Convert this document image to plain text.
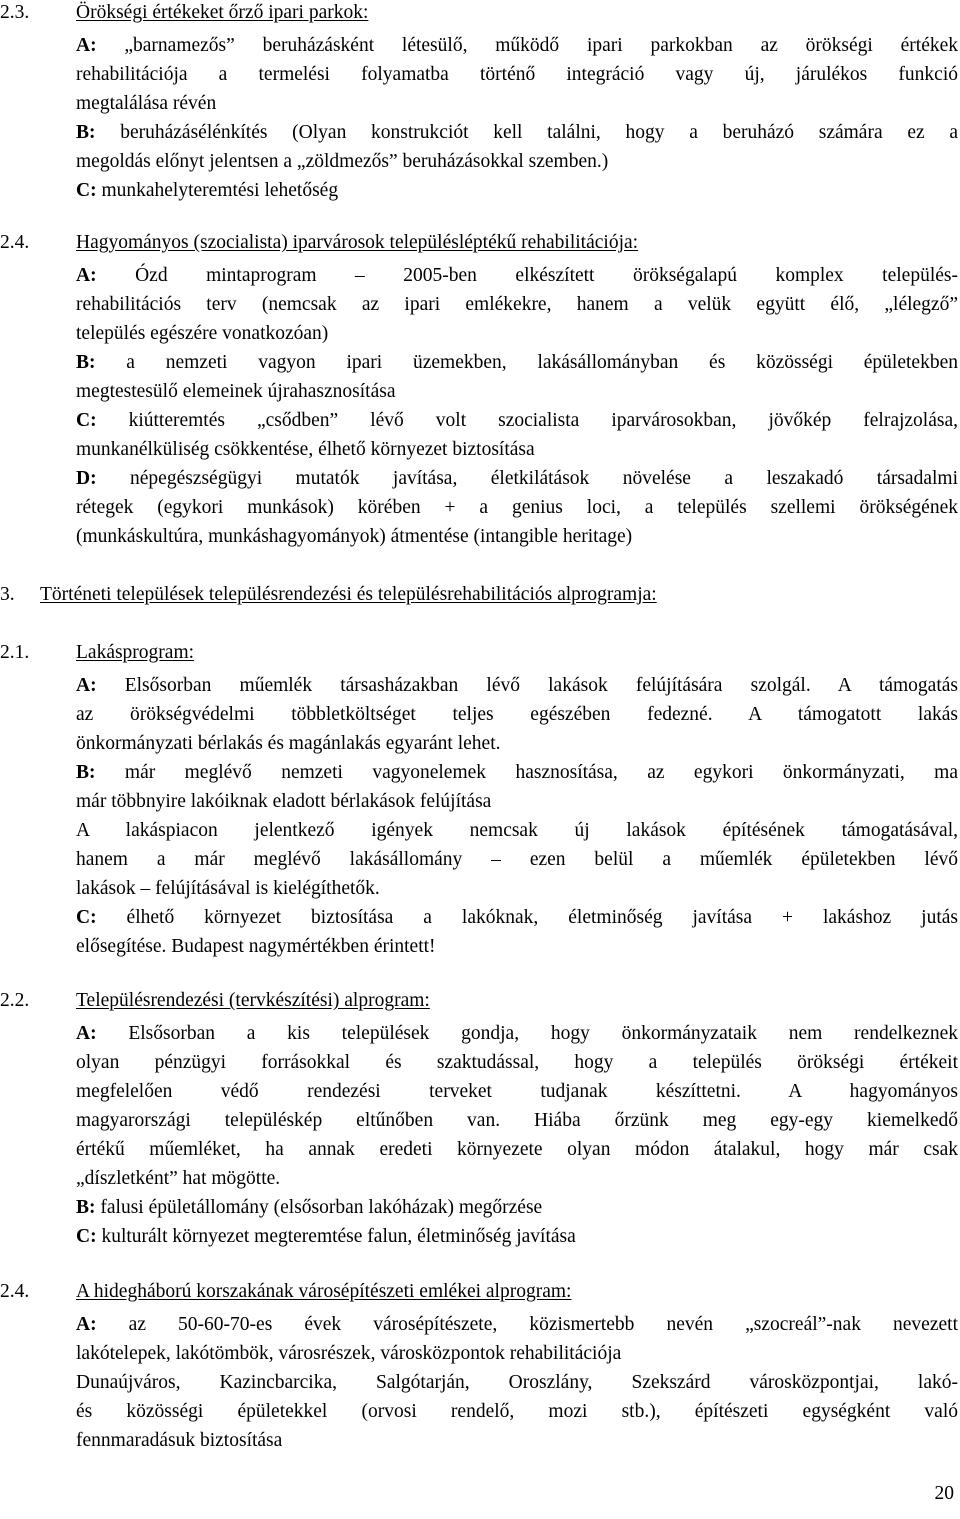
2.3. Örökségi értékeket őrző ipari parkok:
A: „barnamezős” beruházásként létesülő, működő ipari parkokban az örökségi értékek
rehabilitációja a termelési folyamatba történő integráció vagy új, járulékos funkció
megtalálása révén
B: beruházásélénkítés (Olyan konstrukciót kell találni, hogy a beruházó számára ez a
megoldás előnyt jelentsen a „zöldmezős” beruházásokkal szemben.)
C: munkahelyteremtési lehetőség
2.4. Hagyományos (szocialista) iparvárosok településléptékű rehabilitációja:
A: Ózd mintaprogram – 2005-ben elkészített örökségalapú komplex település-
rehabilitációs terv (nemcsak az ipari emlékekre, hanem a velük együtt élő, „lélegző”
település egészére vonatkozóan)
B: a nemzeti vagyon ipari üzemekben, lakásállományban és közösségi épületekben
megtestesülő elemeinek újrahasznosítása
C: kiútteremtés „csődben” lévő volt szocialista iparvárosokban, jövőkép felrajzolása,
munkanélküliség csökkentése, élhető környezet biztosítása
D: népegészségügyi mutatók javítása, életkilátások növelése a leszakadó társadalmi
rétegek (egykori munkások) körében + a genius loci, a település szellemi örökségének
(munkáskultúra, munkáshagyományok) átmentése (intangible heritage)
3. Történeti települések településrendezési és településrehabilitációs alprogramja:
2.1. Lakásprogram:
A: Elsősorban műemlék társasházakban lévő lakások felújítására szolgál. A támogatás
az örökségvédelmi többletköltséget teljes egészében fedezné. A támogatott lakás
önkormányzati bérlakás és magánlakás egyaránt lehet.
B: már meglévő nemzeti vagyonelemek hasznosítása, az egykori önkormányzati, ma
már többnyire lakóiknak eladott bérlakások felújítása
A lakáspiacon jelentkező igények nemcsak új lakások építésének támogatásával,
hanem a már meglévő lakásállomány – ezen belül a műemlék épületekben lévő
lakások – felújításával is kielégíthetők.
C: élhető környezet biztosítása a lakóknak, életminőség javítása + lakáshoz jutás
elősegítése. Budapest nagymértékben érintett!
2.2. Településrendezési (tervkészítési) alprogram:
A: Elsősorban a kis települések gondja, hogy önkormányzataik nem rendelkeznek
olyan pénzügyi forrásokkal és szaktudással, hogy a település örökségi értékeit
megfelelően védő rendezési terveket tudjanak készíttetni. A hagyományos
magyarországi településkép eltűnőben van. Hiába őrzünk meg egy-egy kiemelkedő
értékű műemléket, ha annak eredeti környezete olyan módon átalakul, hogy már csak
„díszletként” hat mögötte.
B: falusi épületállomány (elsősorban lakóházak) megőrzése
C: kulturált környezet megteremtése falun, életminőség javítása
2.4. A hidegháború korszakának városépítészeti emlékei alprogram:
A: az 50-60-70-es évek városépítészete, közismertebb nevén „szocreál”-nak nevezett
lakótelepek, lakótömbök, városrészek, városközpontok rehabilitációja
Dunaújváros, Kazincbarcika, Salgótarján, Oroszlány, Szekszárd városközpontjai, lakó-
és közösségi épületekkel (orvosi rendelő, mozi stb.), építészeti egységként való
fennmaradásuk biztosítása
20
